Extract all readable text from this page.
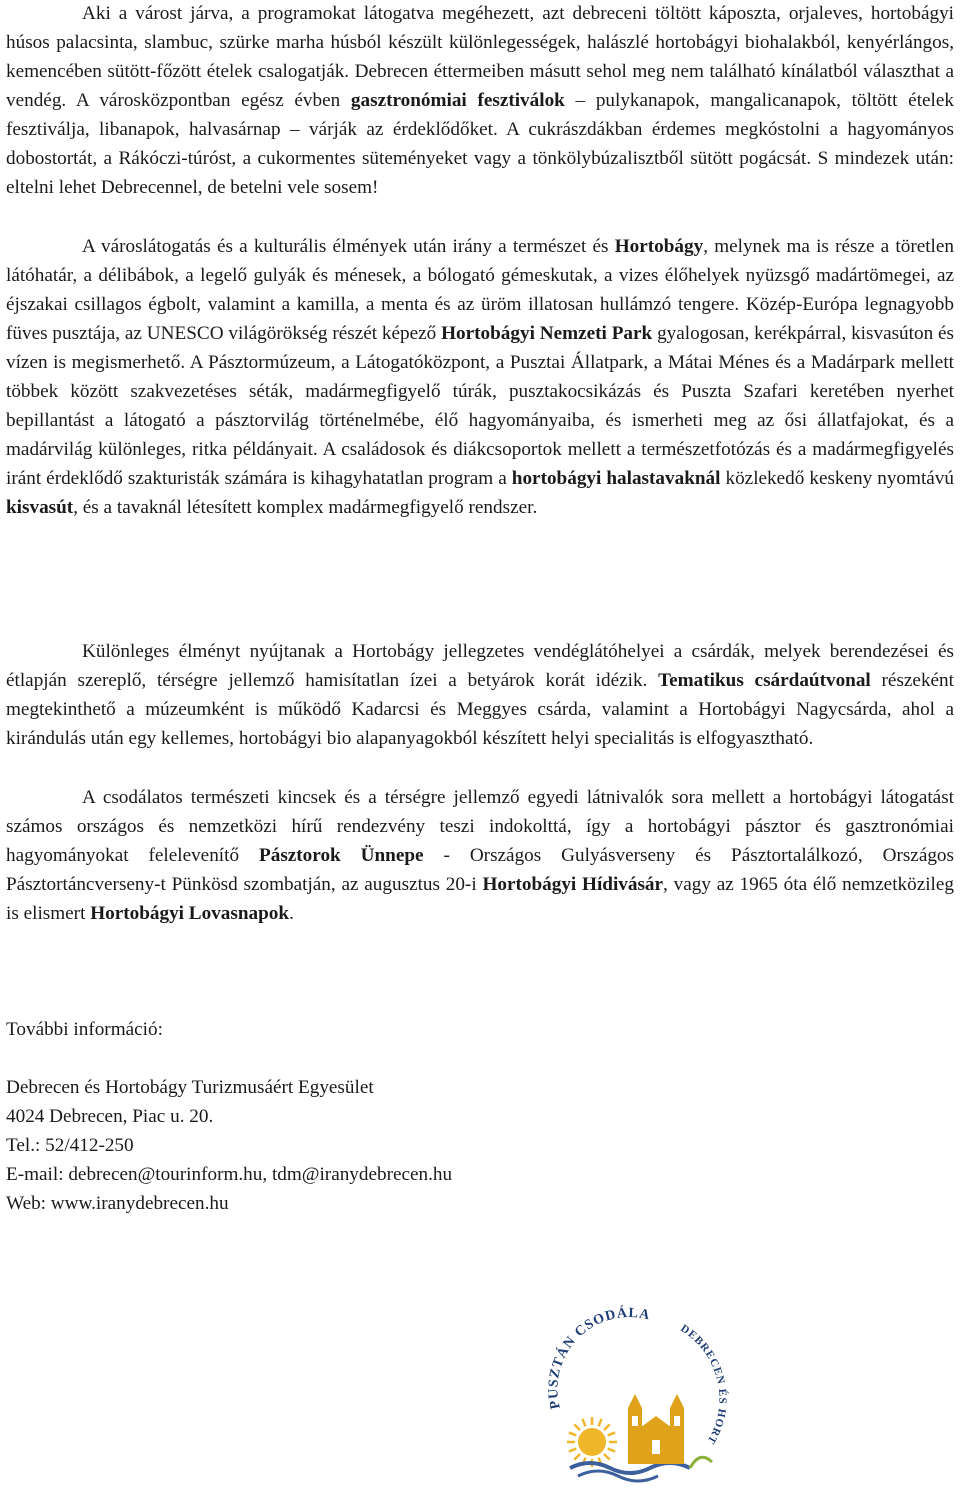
Aki a várost járva, a programokat látogatva megéhezett, azt debreceni töltött káposzta, orjaleves, hortobágyi húsos palacsinta, slambuc, szürke marha húsból készült különlegességek, halászlé hortobágyi biohalakból, kenyérlángos, kemencében sütött-főzött ételek csalogatják. Debrecen éttermeiben másutt sehol meg nem található kínálatból választhat a vendég. A városközpontban egész évben gasztronómiai fesztiválok – pulykanapok, mangalicanapok, töltött ételek fesztiválja, libanapok, halvasárnap – várják az érdeklődőket. A cukrászdákban érdemes megkóstolni a hagyományos dobostortát, a Rákóczi-túróst, a cukormentes süteményeket vagy a tönkölybúzalisztből sütött pogácsát. S mindezek után: eltelni lehet Debrecennel, de betelni vele sosem!

A városlátogatás és a kulturális élmények után irány a természet és Hortobágy, melynek ma is része a töretlen látóhatár, a délibábok, a legelő gulyák és ménesek, a bólogató gémeskutak, a vizes élőhelyek nyüzsgő madártömegei, az éjszakai csillagos égbolt, valamint a kamilla, a menta és az üröm illatosan hullámzó tengere. Közép-Európa legnagyobb füves pusztája, az UNESCO világörökség részét képező Hortobágyi Nemzeti Park gyalogosan, kerékpárral, kisvasúton és vízen is megismerhető. A Pásztormúzeum, a Látogatóközpont, a Pusztai Állatpark, a Mátai Ménes és a Madárpark mellett többek között szakvezetéses séták, madármegfigyelő túrák, pusztakocsikázás és Puszta Szafari keretében nyerhet bepillantást a látogató a pásztorvilág történelmébe, élő hagyományaiba, és ismerheti meg az ősi állatfajokat, és a madárvilág különleges, ritka példányait. A családosok és diákcsoportok mellett a természetfotózás és a madármegfigyelés iránt érdeklődő szakturisták számára is kihagyhatatlan program a hortobágyi halastavaknál közlekedő keskeny nyomtávú kisvasút, és a tavaknál létesített komplex madármegfigyelő rendszer.

Különleges élményt nyújtanak a Hortobágy jellegzetes vendéglátóhelyei a csárdák, melyek berendezései és étlapján szereplő, térségre jellemző hamisítatlan ízei a betyárok korát idézik. Tematikus csárdaútvonal részeként megtekinthető a múzeumként is működő Kadarcsi és Meggyes csárda, valamint a Hortobágyi Nagycsárda, ahol a kirándulás után egy kellemes, hortobágyi bio alapanyagokból készített helyi specialitás is elfogyasztható.

A csodálatos természeti kincsek és a térségre jellemző egyedi látnivalók sora mellett a hortobágyi látogatást számos országos és nemzetközi hírű rendezvény teszi indokolttá, így a hortobágyi pásztor és gasztronómiai hagyományokat felelevenítő Pásztorok Ünnepe - Országos Gulyásverseny és Pásztortalálkozó, Országos Pásztortáncverseny-t Pünkösd szombatján, az augusztus 20-i Hortobágyi Hídivásár, vagy az 1965 óta élő nemzetközileg is elismert Hortobágyi Lovasnapok.

További információ:
Debrecen és Hortobágy Turizmusáért Egyesület
4024 Debrecen, Piac u. 20.
Tel.: 52/412-250
E-mail: debrecen@tourinform.hu, tdm@iranydebrecen.hu
Web: www.iranydebrecen.hu
PUSZTÁN CSODÁLA
DEBRECEN ÉS HORT
